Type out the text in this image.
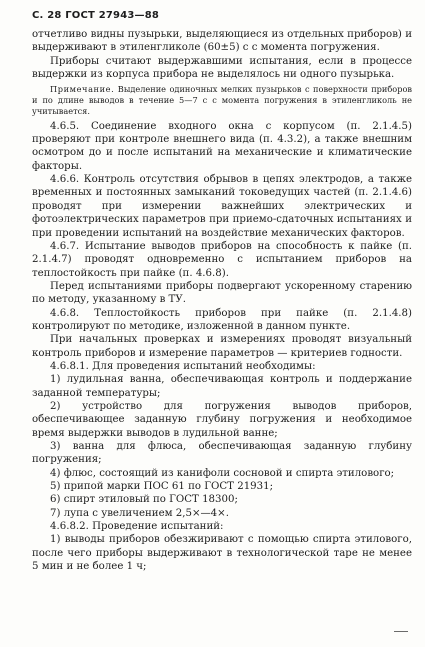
С. 28 ГОСТ 27943—88

отчетливо видны пузырьки, выделяющиеся из отдельных приборов) и выдерживают в этиленгликоле (60±5) с с момента погружения.

Приборы считают выдержавшими испытания, если в процессе выдержки из корпуса прибора не выделялось ни одного пузырька.

Примечание. Выделение одиночных мелких пузырьков с поверхности приборов и по длине выводов в течение 5—7 с с момента погружения в этиленгликоль не учитывается.

4.6.5. Соединение входного окна с корпусом (п. 2.1.4.5) проверяют при контроле внешнего вида (п. 4.3.2), а также внешним осмотром до и после испытаний на механические и климатические факторы.

4.6.6. Контроль отсутствия обрывов в цепях электродов, а также временных и постоянных замыканий токоведущих частей (п. 2.1.4.6) проводят при измерении важнейших электрических и фотоэлектрических параметров при приемо-сдаточных испытаниях и при проведении испытаний на воздействие механических факторов.

4.6.7. Испытание выводов приборов на способность к пайке (п. 2.1.4.7) проводят одновременно с испытанием приборов на теплостойкость при пайке (п. 4.6.8).

Перед испытаниями приборы подвергают ускоренному старению по методу, указанному в ТУ.

4.6.8. Теплостойкость приборов при пайке (п. 2.1.4.8) контролируют по методике, изложенной в данном пункте.

При начальных проверках и измерениях проводят визуальный контроль приборов и измерение параметров — критериев годности.

4.6.8.1. Для проведения испытаний необходимы:

1) лудильная ванна, обеспечивающая контроль и поддержание заданной температуры;

2) устройство для погружения выводов приборов, обеспечивающее заданную глубину погружения и необходимое время выдержки выводов в лудильной ванне;

3) ванна для флюса, обеспечивающая заданную глубину погружения;

4) флюс, состоящий из канифоли сосновой и спирта этилового;

5) припой марки ПОС 61 по ГОСТ 21931;

6) спирт этиловый по ГОСТ 18300;

7) лупа с увеличением 2,5×—4×.

4.6.8.2. Проведение испытаний:

1) выводы приборов обезжиривают с помощью спирта этилового, после чего приборы выдерживают в технологической таре не менее 5 мин и не более 1 ч;
